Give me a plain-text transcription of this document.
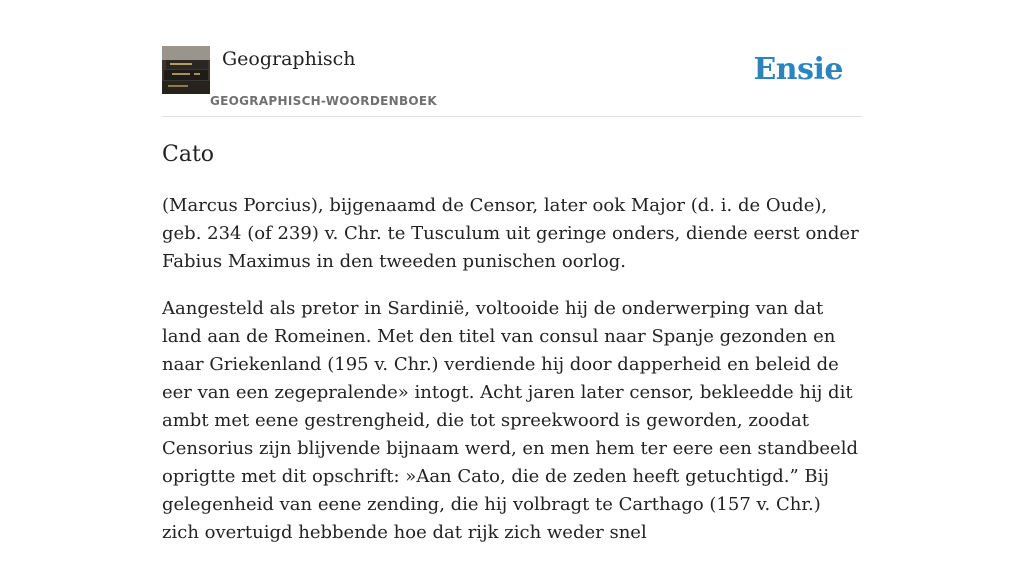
Geographisch
GEOGRAPHISCH-WOORDENBOEK
Ensie
Cato

(Marcus Porcius), bijgenaamd de Censor, later ook Major (d. i. de Oude), geb. 234 (of 239) v. Chr. te Tusculum uit geringe onders, diende eerst onder Fabius Maximus in den tweeden punischen oorlog.

Aangesteld als pretor in Sardinië, voltooide hij de onderwerping van dat land aan de Romeinen. Met den titel van consul naar Spanje gezonden en naar Griekenland (195 v. Chr.) verdiende hij door dapperheid en beleid de eer van een zegepralende» intogt. Acht jaren later censor, bekleedde hij dit ambt met eene gestrengheid, die tot spreekwoord is geworden, zoodat Censorius zijn blijvende bijnaam werd, en men hem ter eere een standbeeld oprigtte met dit opschrift: »Aan Cato, die de zeden heeft getuchtigd.” Bij gelegenheid van eene zending, die hij volbragt te Carthago (157 v. Chr.) zich overtuigd hebbende hoe dat rijk zich weder snel
